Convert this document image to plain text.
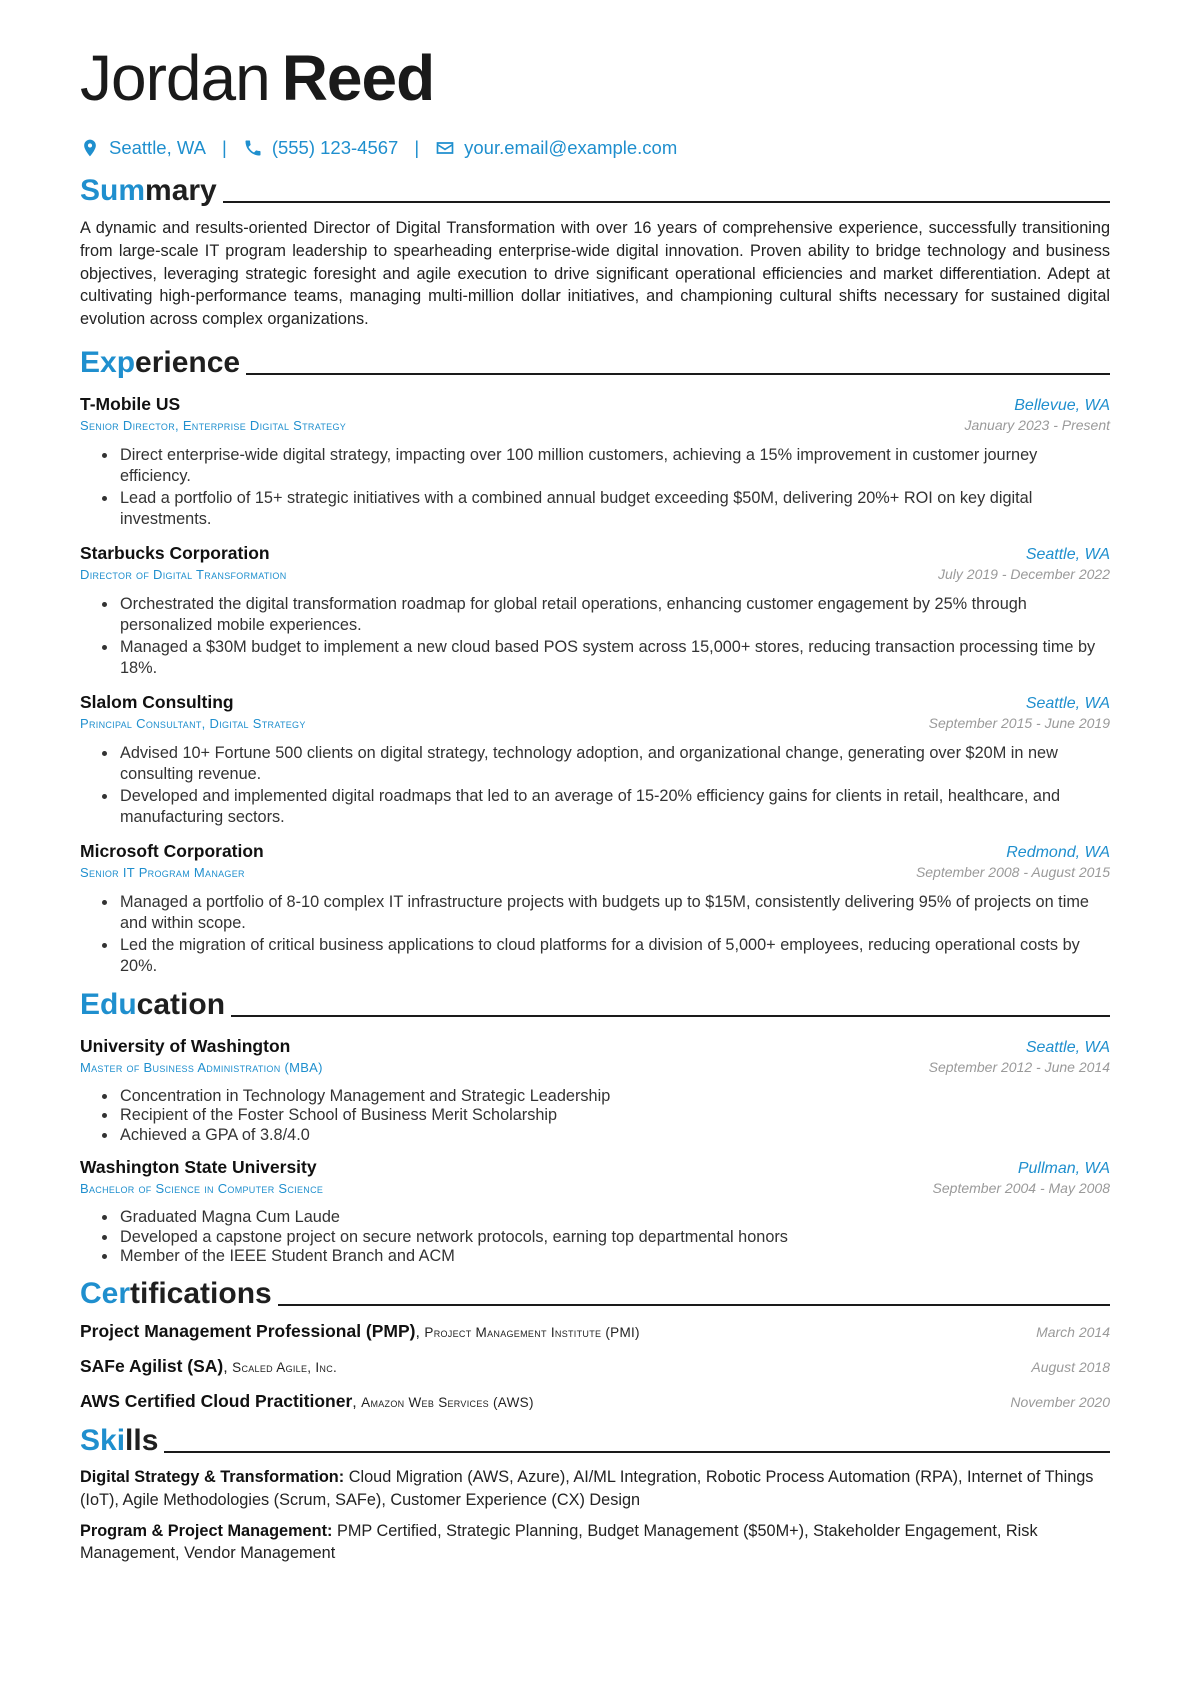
Jordan Reed
Seattle, WA | (555) 123-4567 | your.email@example.com
Sum mary

A dynamic and results-oriented Director of Digital Transformation with over 16 years of comprehensive experience, successfully transitioning from large-scale IT program leadership to spearheading enterprise-wide digital innovation. Proven ability to bridge technology and business objectives, leveraging strategic foresight and agile execution to drive significant operational efficiencies and market differentiation. Adept at cultivating high-performance teams, managing multi-million dollar initiatives, and championing cultural shifts necessary for sustained digital evolution across complex organizations.

Exp erience
T-Mobile US	Bellevue, WA
Senior Director, Enterprise Digital Strategy	January 2023 - Present
• Direct enterprise-wide digital strategy, impacting over 100 million customers, achieving a 15% improvement in customer journey efficiency.
• Lead a portfolio of 15+ strategic initiatives with a combined annual budget exceeding $50M, delivering 20%+ ROI on key digital investments.
Starbucks Corporation	Seattle, WA
Director of Digital Transformation	July 2019 - December 2022
• Orchestrated the digital transformation roadmap for global retail operations, enhancing customer engagement by 25% through personalized mobile experiences.
• Managed a $30M budget to implement a new cloud based POS system across 15,000+ stores, reducing transaction processing time by 18%.
Slalom Consulting	Seattle, WA
Principal Consultant, Digital Strategy	September 2015 - June 2019
• Advised 10+ Fortune 500 clients on digital strategy, technology adoption, and organizational change, generating over $20M in new consulting revenue.
• Developed and implemented digital roadmaps that led to an average of 15-20% efficiency gains for clients in retail, healthcare, and manufacturing sectors.
Microsoft Corporation	Redmond, WA
Senior IT Program Manager	September 2008 - August 2015
• Managed a portfolio of 8-10 complex IT infrastructure projects with budgets up to $15M, consistently delivering 95% of projects on time and within scope.
• Led the migration of critical business applications to cloud platforms for a division of 5,000+ employees, reducing operational costs by 20%.
Edu cation
University of Washington	Seattle, WA
Master of Business Administration (MBA)	September 2012 - June 2014
• Concentration in Technology Management and Strategic Leadership
• Recipient of the Foster School of Business Merit Scholarship
• Achieved a GPA of 3.8/4.0
Washington State University	Pullman, WA
Bachelor of Science in Computer Science	September 2004 - May 2008
• Graduated Magna Cum Laude
• Developed a capstone project on secure network protocols, earning top departmental honors
• Member of the IEEE Student Branch and ACM
Cer tifications
Project Management Professional (PMP), Project Management Institute (PMI)	March 2014
SAFe Agilist (SA), Scaled Agile, Inc.	August 2018
AWS Certified Cloud Practitioner, Amazon Web Services (AWS)	November 2020
Ski lls
Digital Strategy & Transformation: Cloud Migration (AWS, Azure), AI/ML Integration, Robotic Process Automation (RPA), Internet of Things (IoT), Agile Methodologies (Scrum, SAFe), Customer Experience (CX) Design
Program & Project Management: PMP Certified, Strategic Planning, Budget Management ($50M+), Stakeholder Engagement, Risk Management, Vendor Management
